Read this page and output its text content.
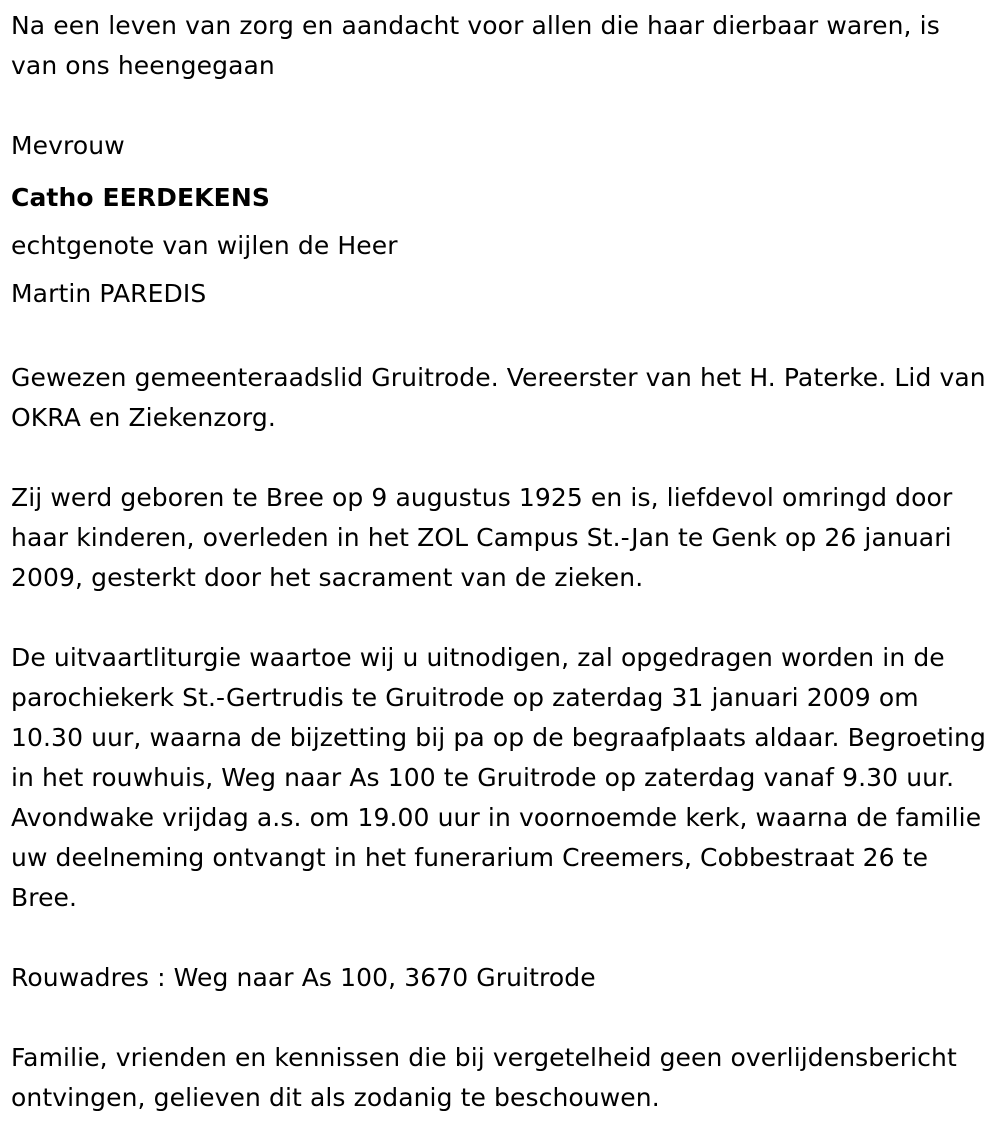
Na een leven van zorg en aandacht voor allen die haar dierbaar waren, is van ons heengegaan

Mevrouw
Catho EERDEKENS
echtgenote van wijlen de Heer
Martin PAREDIS

Gewezen gemeenteraadslid Gruitrode. Vereerster van het H. Paterke. Lid van OKRA en Ziekenzorg.

Zij werd geboren te Bree op 9 augustus 1925 en is, liefdevol omringd door haar kinderen, overleden in het ZOL Campus St.-Jan te Genk op 26 januari 2009, gesterkt door het sacrament van de zieken.

De uitvaartliturgie waartoe wij u uitnodigen, zal opgedragen worden in de parochiekerk St.-Gertrudis te Gruitrode op zaterdag 31 januari 2009 om 10.30 uur, waarna de bijzetting bij pa op de begraafplaats aldaar. Begroeting in het rouwhuis, Weg naar As 100 te Gruitrode op zaterdag vanaf 9.30 uur. Avondwake vrijdag a.s. om 19.00 uur in voornoemde kerk, waarna de familie uw deelneming ontvangt in het funerarium Creemers, Cobbestraat 26 te Bree.

Rouwadres : Weg naar As 100, 3670 Gruitrode

Familie, vrienden en kennissen die bij vergetelheid geen overlijdensbericht ontvingen, gelieven dit als zodanig te beschouwen.
